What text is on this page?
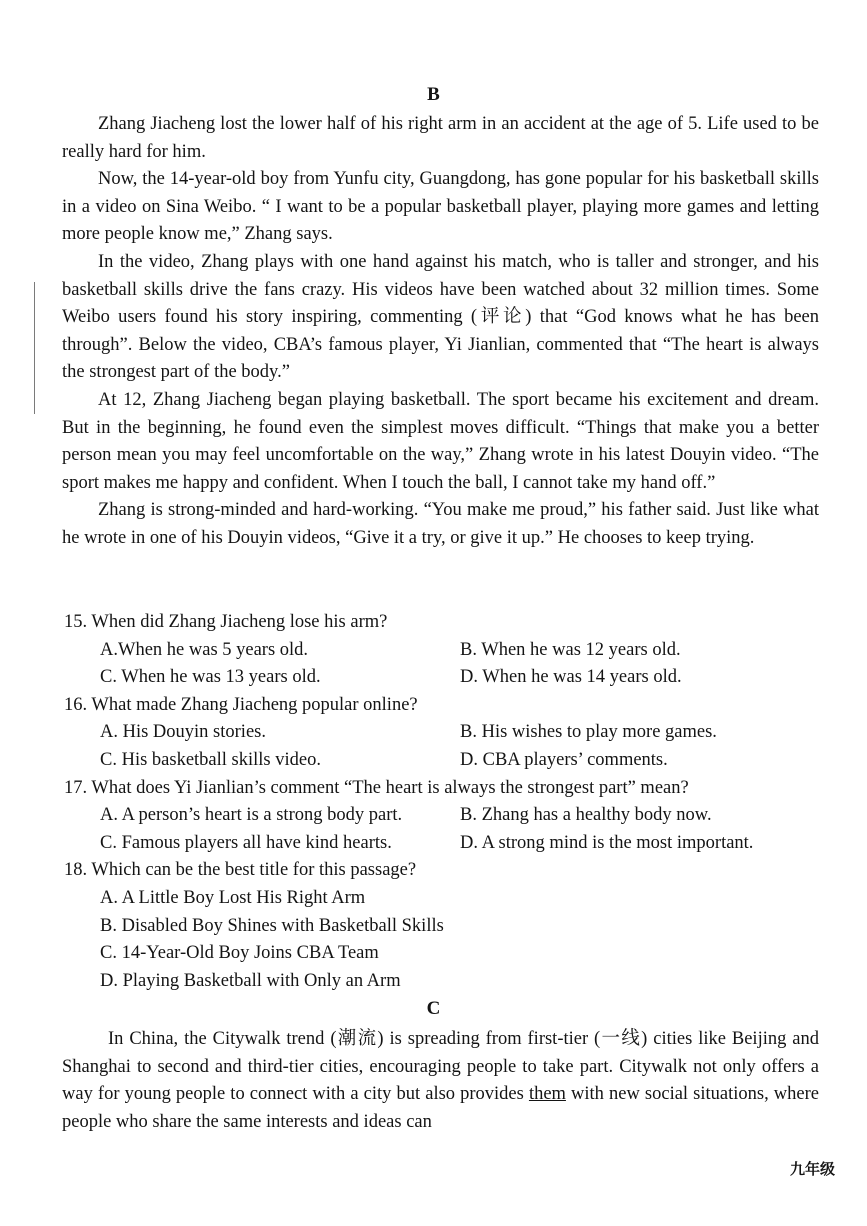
B

Zhang Jiacheng lost the lower half of his right arm in an accident at the age of 5. Life used to be really hard for him.

Now, the 14-year-old boy from Yunfu city, Guangdong, has gone popular for his basketball skills in a video on Sina Weibo. “ I want to be a popular basketball player, playing more games and letting more people know me,” Zhang says.

In the video, Zhang plays with one hand against his match, who is taller and stronger, and his basketball skills drive the fans crazy. His videos have been watched about 32 million times. Some Weibo users found his story inspiring, commenting (评论) that “God knows what he has been through”. Below the video, CBA’s famous player, Yi Jianlian, commented that “The heart is always the strongest part of the body.”

At 12, Zhang Jiacheng began playing basketball. The sport became his excitement and dream. But in the beginning, he found even the simplest moves difficult. “Things that make you a better person mean you may feel uncomfortable on the way,” Zhang wrote in his latest Douyin video. “The sport makes me happy and confident. When I touch the ball, I cannot take my hand off.”

Zhang is strong-minded and hard-working. “You make me proud,” his father said. Just like what he wrote in one of his Douyin videos, “Give it a try, or give it up.” He chooses to keep trying.

15. When did Zhang Jiacheng lose his arm?

A.When he was 5 years old.	B. When he was 12 years old.
C. When he was 13 years old.	D. When he was 14 years old.

16. What made Zhang Jiacheng popular online?

A. His Douyin stories.	B. His wishes to play more games.
C. His basketball skills video.	D. CBA players’ comments.

17. What does Yi Jianlian’s comment “The heart is always the strongest part” mean?

A. A person’s heart is a strong body part.	B. Zhang has a healthy body now.
C. Famous players all have kind hearts.	D. A strong mind is the most important.

18. Which can be the best title for this passage?

A. A Little Boy Lost His Right Arm

B. Disabled Boy Shines with Basketball Skills

C. 14-Year-Old Boy Joins CBA Team

D. Playing Basketball with Only an Arm

C

In China, the Citywalk trend (潮流) is spreading from first-tier (一线) cities like Beijing and Shanghai to second and third-tier cities, encouraging people to take part. Citywalk not only offers a way for young people to connect with a city but also provides them with new social situations, where people who share the same interests and ideas can

九年级
